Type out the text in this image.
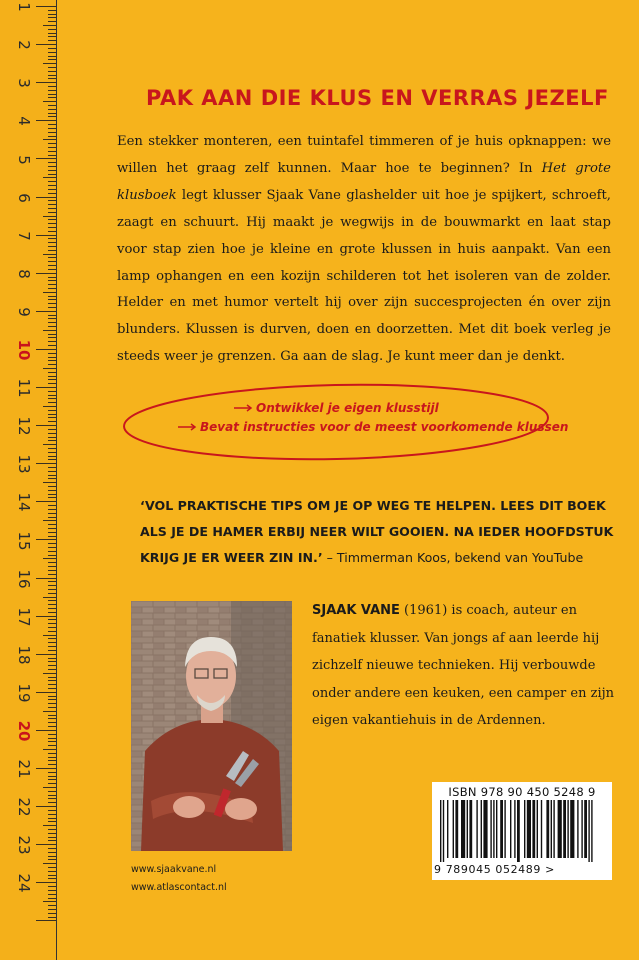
1
2
3
4
5
6
7
8
9
10
11
12
13
14
15
16
17
18
19
20
21
22
23
24
PAK AAN DIE KLUS EN VERRAS JEZELF
Een stekker monteren, een tuintafel timmeren of je huis opknappen: we willen het graag zelf kunnen. Maar hoe te beginnen? In Het grote klusboek legt klusser Sjaak Vane glashelder uit hoe je spijkert, schroeft, zaagt en schuurt. Hij maakt je wegwijs in de bouwmarkt en laat stap voor stap zien hoe je kleine en grote klussen in huis aanpakt. Van een lamp ophangen en een kozijn schilderen tot het isoleren van de zolder. Helder en met humor vertelt hij over zijn succesprojecten én over zijn blunders. Klussen is durven, doen en doorzetten. Met dit boek verleg je steeds weer je grenzen. Ga aan de slag. Je kunt meer dan je denkt.
Ontwikkel je eigen klusstijl
Bevat instructies voor de meest voorkomende klussen
‘VOL PRAKTISCHE TIPS OM JE OP WEG TE HELPEN. LEES DIT BOEK ALS JE DE HAMER ERBIJ NEER WILT GOOIEN. NA IEDER HOOFDSTUK KRIJG JE ER WEER ZIN IN.’ – Timmerman Koos, bekend van YouTube
SJAAK VANE (1961) is coach, auteur en fanatiek klusser. Van jongs af aan leerde hij zichzelf nieuwe technieken. Hij verbouwde onder andere een keuken, een camper en zijn eigen vakantiehuis in de Ardennen.
ISBN 978 90 450 5248 9
9 789045 052489 >
www.sjaakvane.nl
www.atlascontact.nl
